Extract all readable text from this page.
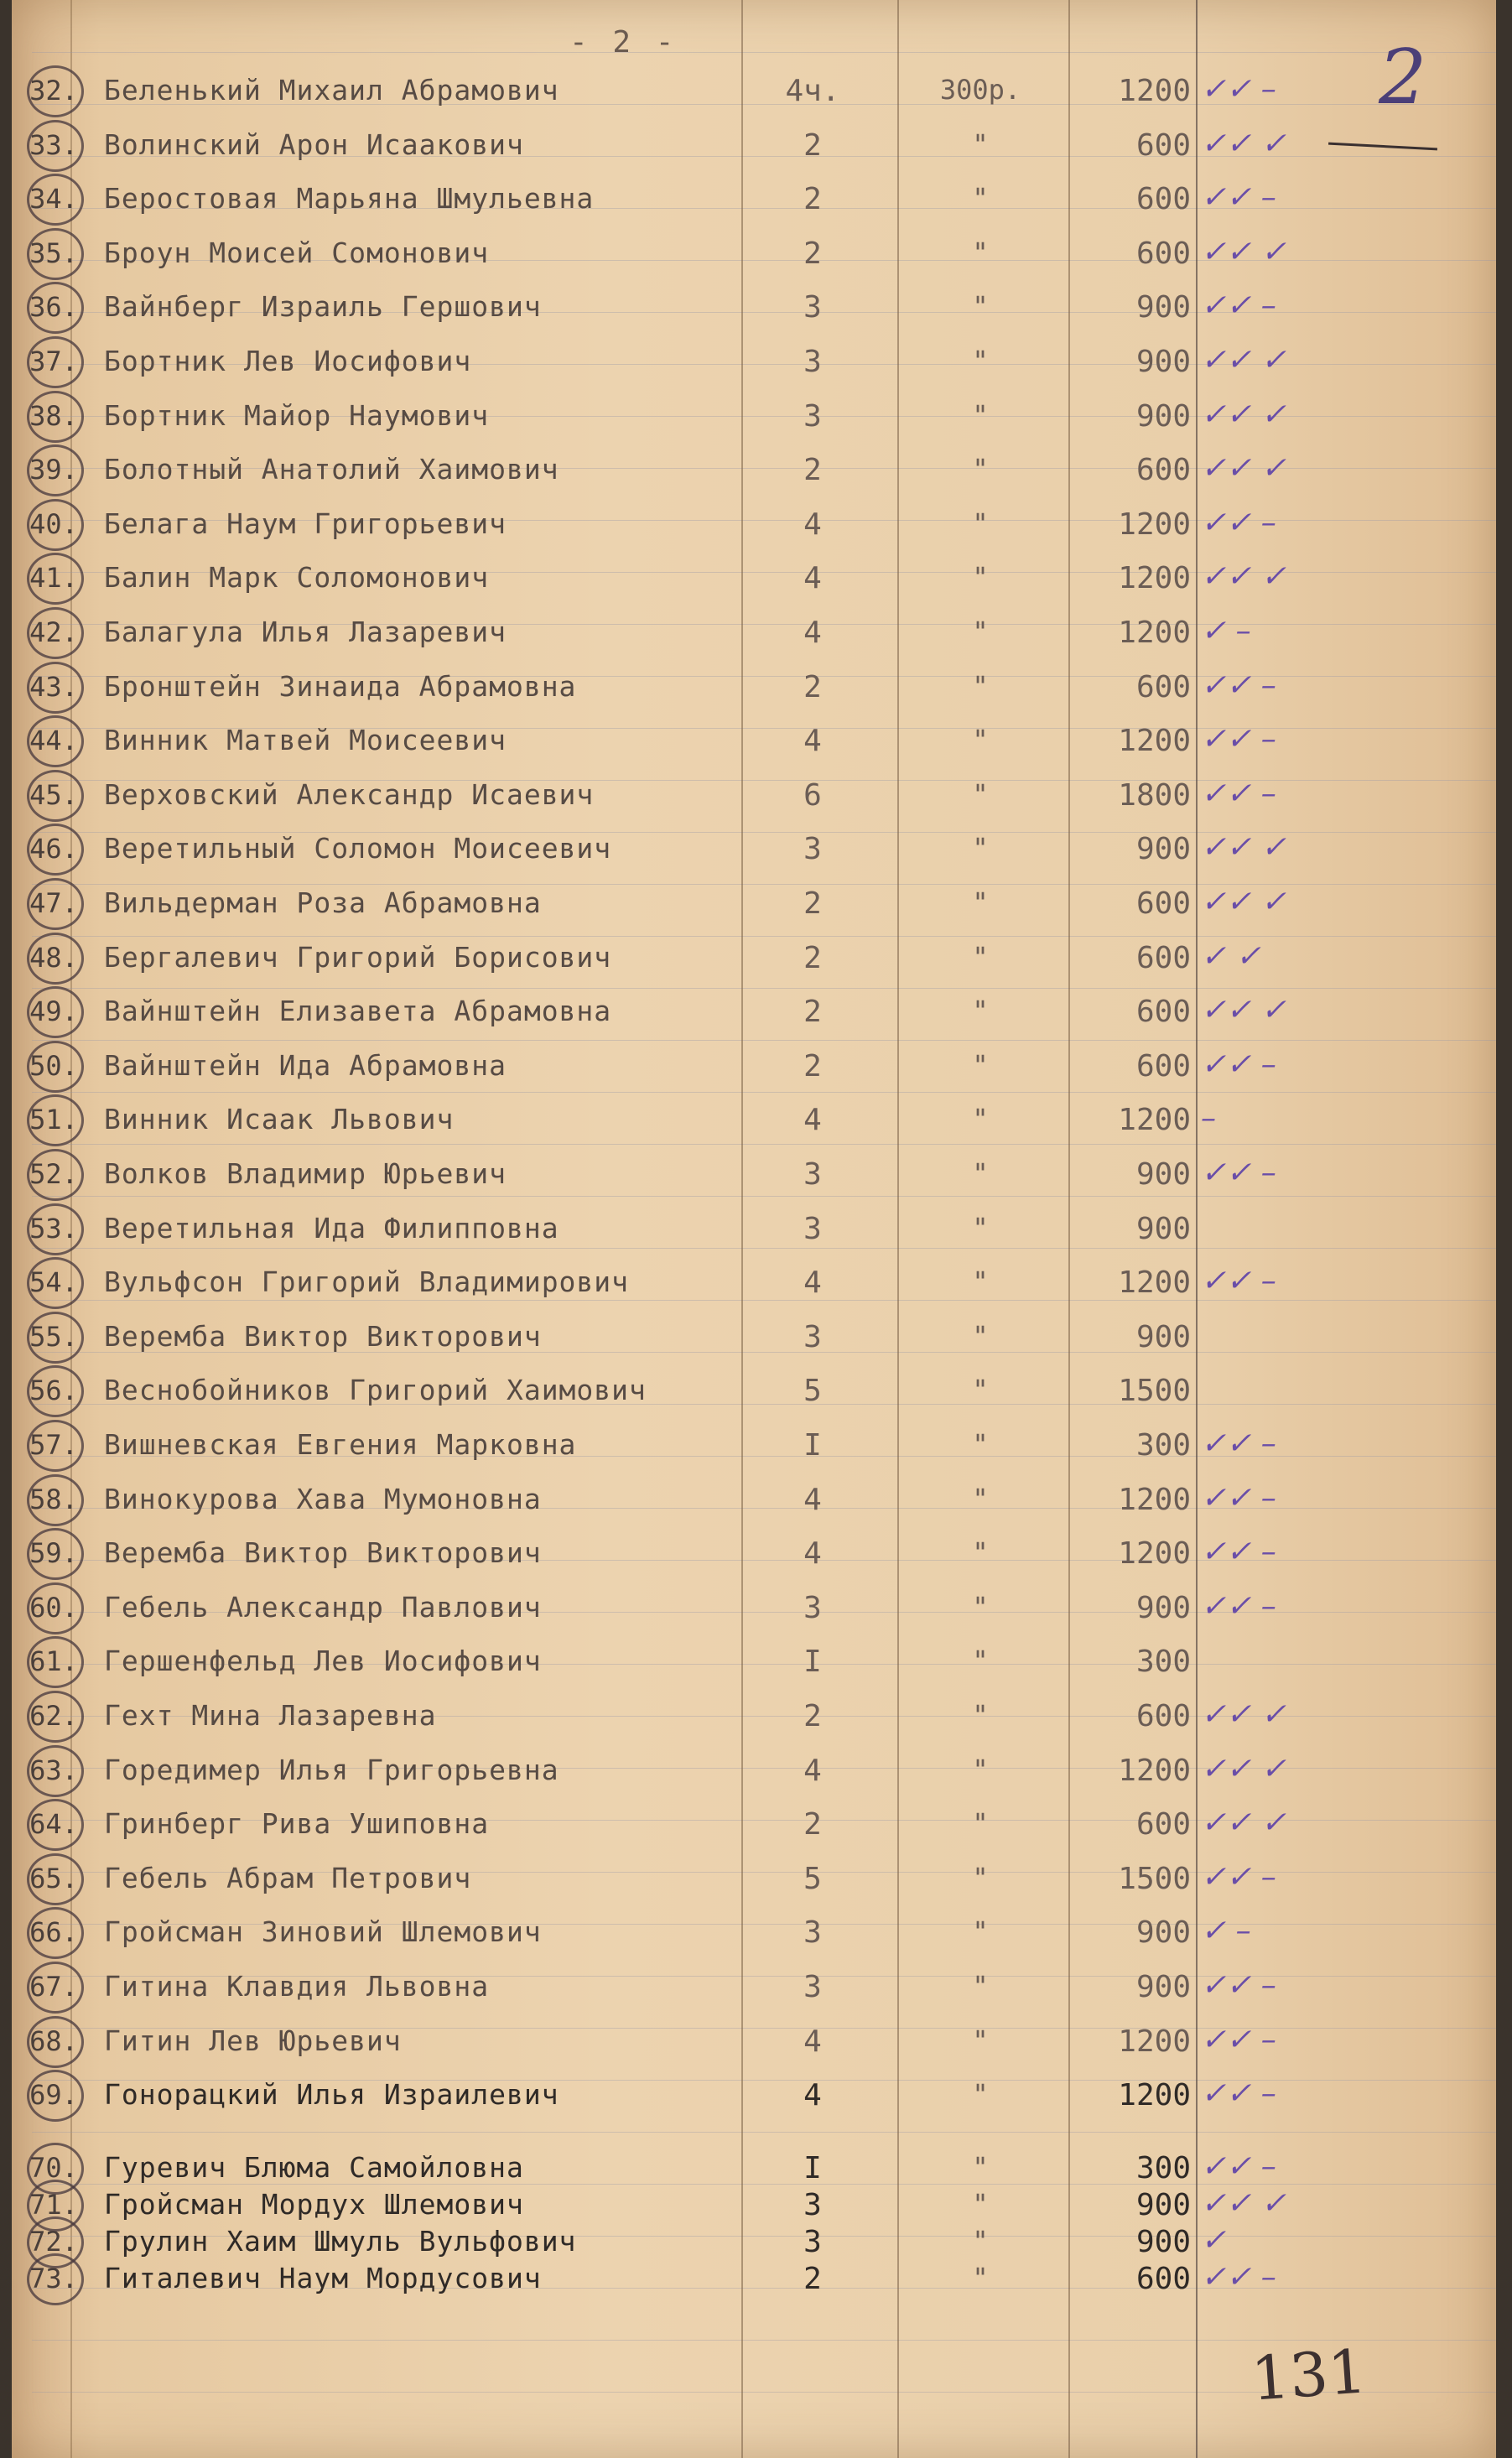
- 2 -	2
131
32. Беленький Михаил Абрамович	4ч.	300р.	1200 ✓✓ –
33. Волинский Арон Исаакович	2	"	600 ✓✓ ✓
34. Беростовая Марьяна Шмульевна	2	"	600 ✓✓ –
35. Броун Моисей Сомонович	2	"	600 ✓✓ ✓
36. Вайнберг Израиль Гершович	3	"	900 ✓✓ –
37. Бортник Лев Иосифович	3	"	900 ✓✓ ✓
38. Бортник Майор Наумович	3	"	900 ✓✓ ✓
39. Болотный Анатолий Хаимович	2	"	600 ✓✓ ✓
40. Белага Наум Григорьевич	4	"	1200 ✓✓ –
41. Балин Марк Соломонович	4	"	1200 ✓✓ ✓
42. Балагула Илья Лазаревич	4	"	1200 ✓ –
43. Бронштейн Зинаида Абрамовна	2	"	600 ✓✓ –
44. Винник Матвей Моисеевич	4	"	1200 ✓✓ –
45. Верховский Александр Исаевич	6	"	1800 ✓✓ –
46. Веретильный Соломон Моисеевич	3	"	900 ✓✓ ✓
47. Вильдерман Роза Абрамовна	2	"	600 ✓✓ ✓
48. Бергалевич Григорий Борисович	2	"	600 ✓ ✓
49. Вайнштейн Елизавета Абрамовна	2	"	600 ✓✓ ✓
50. Вайнштейн Ида Абрамовна	2	"	600 ✓✓ –
51. Винник Исаак Львович	4	"	1200 –
52. Волков Владимир Юрьевич	3	"	900 ✓✓ –
53. Веретильная Ида Филипповна	3	"	900
54. Вульфсон Григорий Владимирович	4	"	1200 ✓✓ –
55. Веремба Виктор Викторович	3	"	900
56. Веснобойников Григорий Хаимович	5	"	1500
57. Вишневская Евгения Марковна	I	"	300 ✓✓ –
58. Винокурова Хава Мумоновна	4	"	1200 ✓✓ –
59. Веремба Виктор Викторович	4	"	1200 ✓✓ –
60. Гебель Александр Павлович	3	"	900 ✓✓ –
61. Гершенфельд Лев Иосифович	I	"	300
62. Гехт Мина Лазаревна	2	"	600 ✓✓ ✓
63. Горедимер Илья Григорьевна	4	"	1200 ✓✓ ✓
64. Гринберг Рива Ушиповна	2	"	600 ✓✓ ✓
65. Гебель Абрам Петрович	5	"	1500 ✓✓ –
66. Гройсман Зиновий Шлемович	3	"	900 ✓ –
67. Гитина Клавдия Львовна	3	"	900 ✓✓ –
68. Гитин Лев Юрьевич	4	"	1200 ✓✓ –
69. Гонорацкий Илья Израилевич	4	"	1200 ✓✓ –
70. Гуревич Блюма Самойловна	I	"	300 ✓✓ –
71. Гройсман Мордух Шлемович	3	"	900 ✓✓ ✓
72. Грулин Хаим Шмуль Вульфович	3	"	900 ✓
73. Гиталевич Наум Мордусович	2	"	600 ✓✓ –
